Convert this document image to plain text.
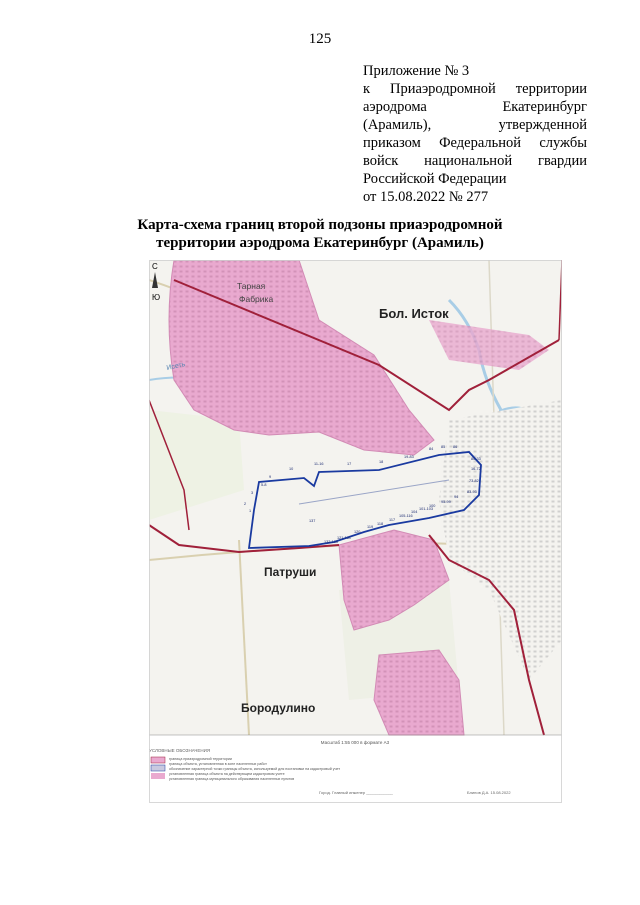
125
Приложение № 3
к Приаэродромной территории
аэродрома	Екатеринбург
(Арамиль),	утвержденной
приказом Федеральной службы
войск национальной гвардии
Российской Федерации
от 15.08.2022 № 277
Карта-схема границ второй подзоны приаэродромной
территории аэродрома Екатеринбург (Арамиль)
С
Ю
Тарная
Фабрика
Бол. Исток
Исеть
Патруши
Бородулино
1
2
3
5-8
9
10
11-16	17	18
19-83
84 85 86
86-33
16-72
73-82
83-93
94
95-99
100
101-103
104
105-116
117
118
119
120
121-131
132-136
137
Масштаб 1:55 000 в формате А3
УСЛОВНЫЕ ОБОЗНАЧЕНИЯ
граница приаэродромной территории
граница объекта, установленная в зоне населенных работ
обозначение характерной точки границы объекта, используемой для постановки на кадастровый учет
установленная граница объекта на действующем кадастровом учете
установленная граница муниципального образования населенных пунктов
Город. Главный инженер ____________	Блинов Д.А. 15.08.2022
